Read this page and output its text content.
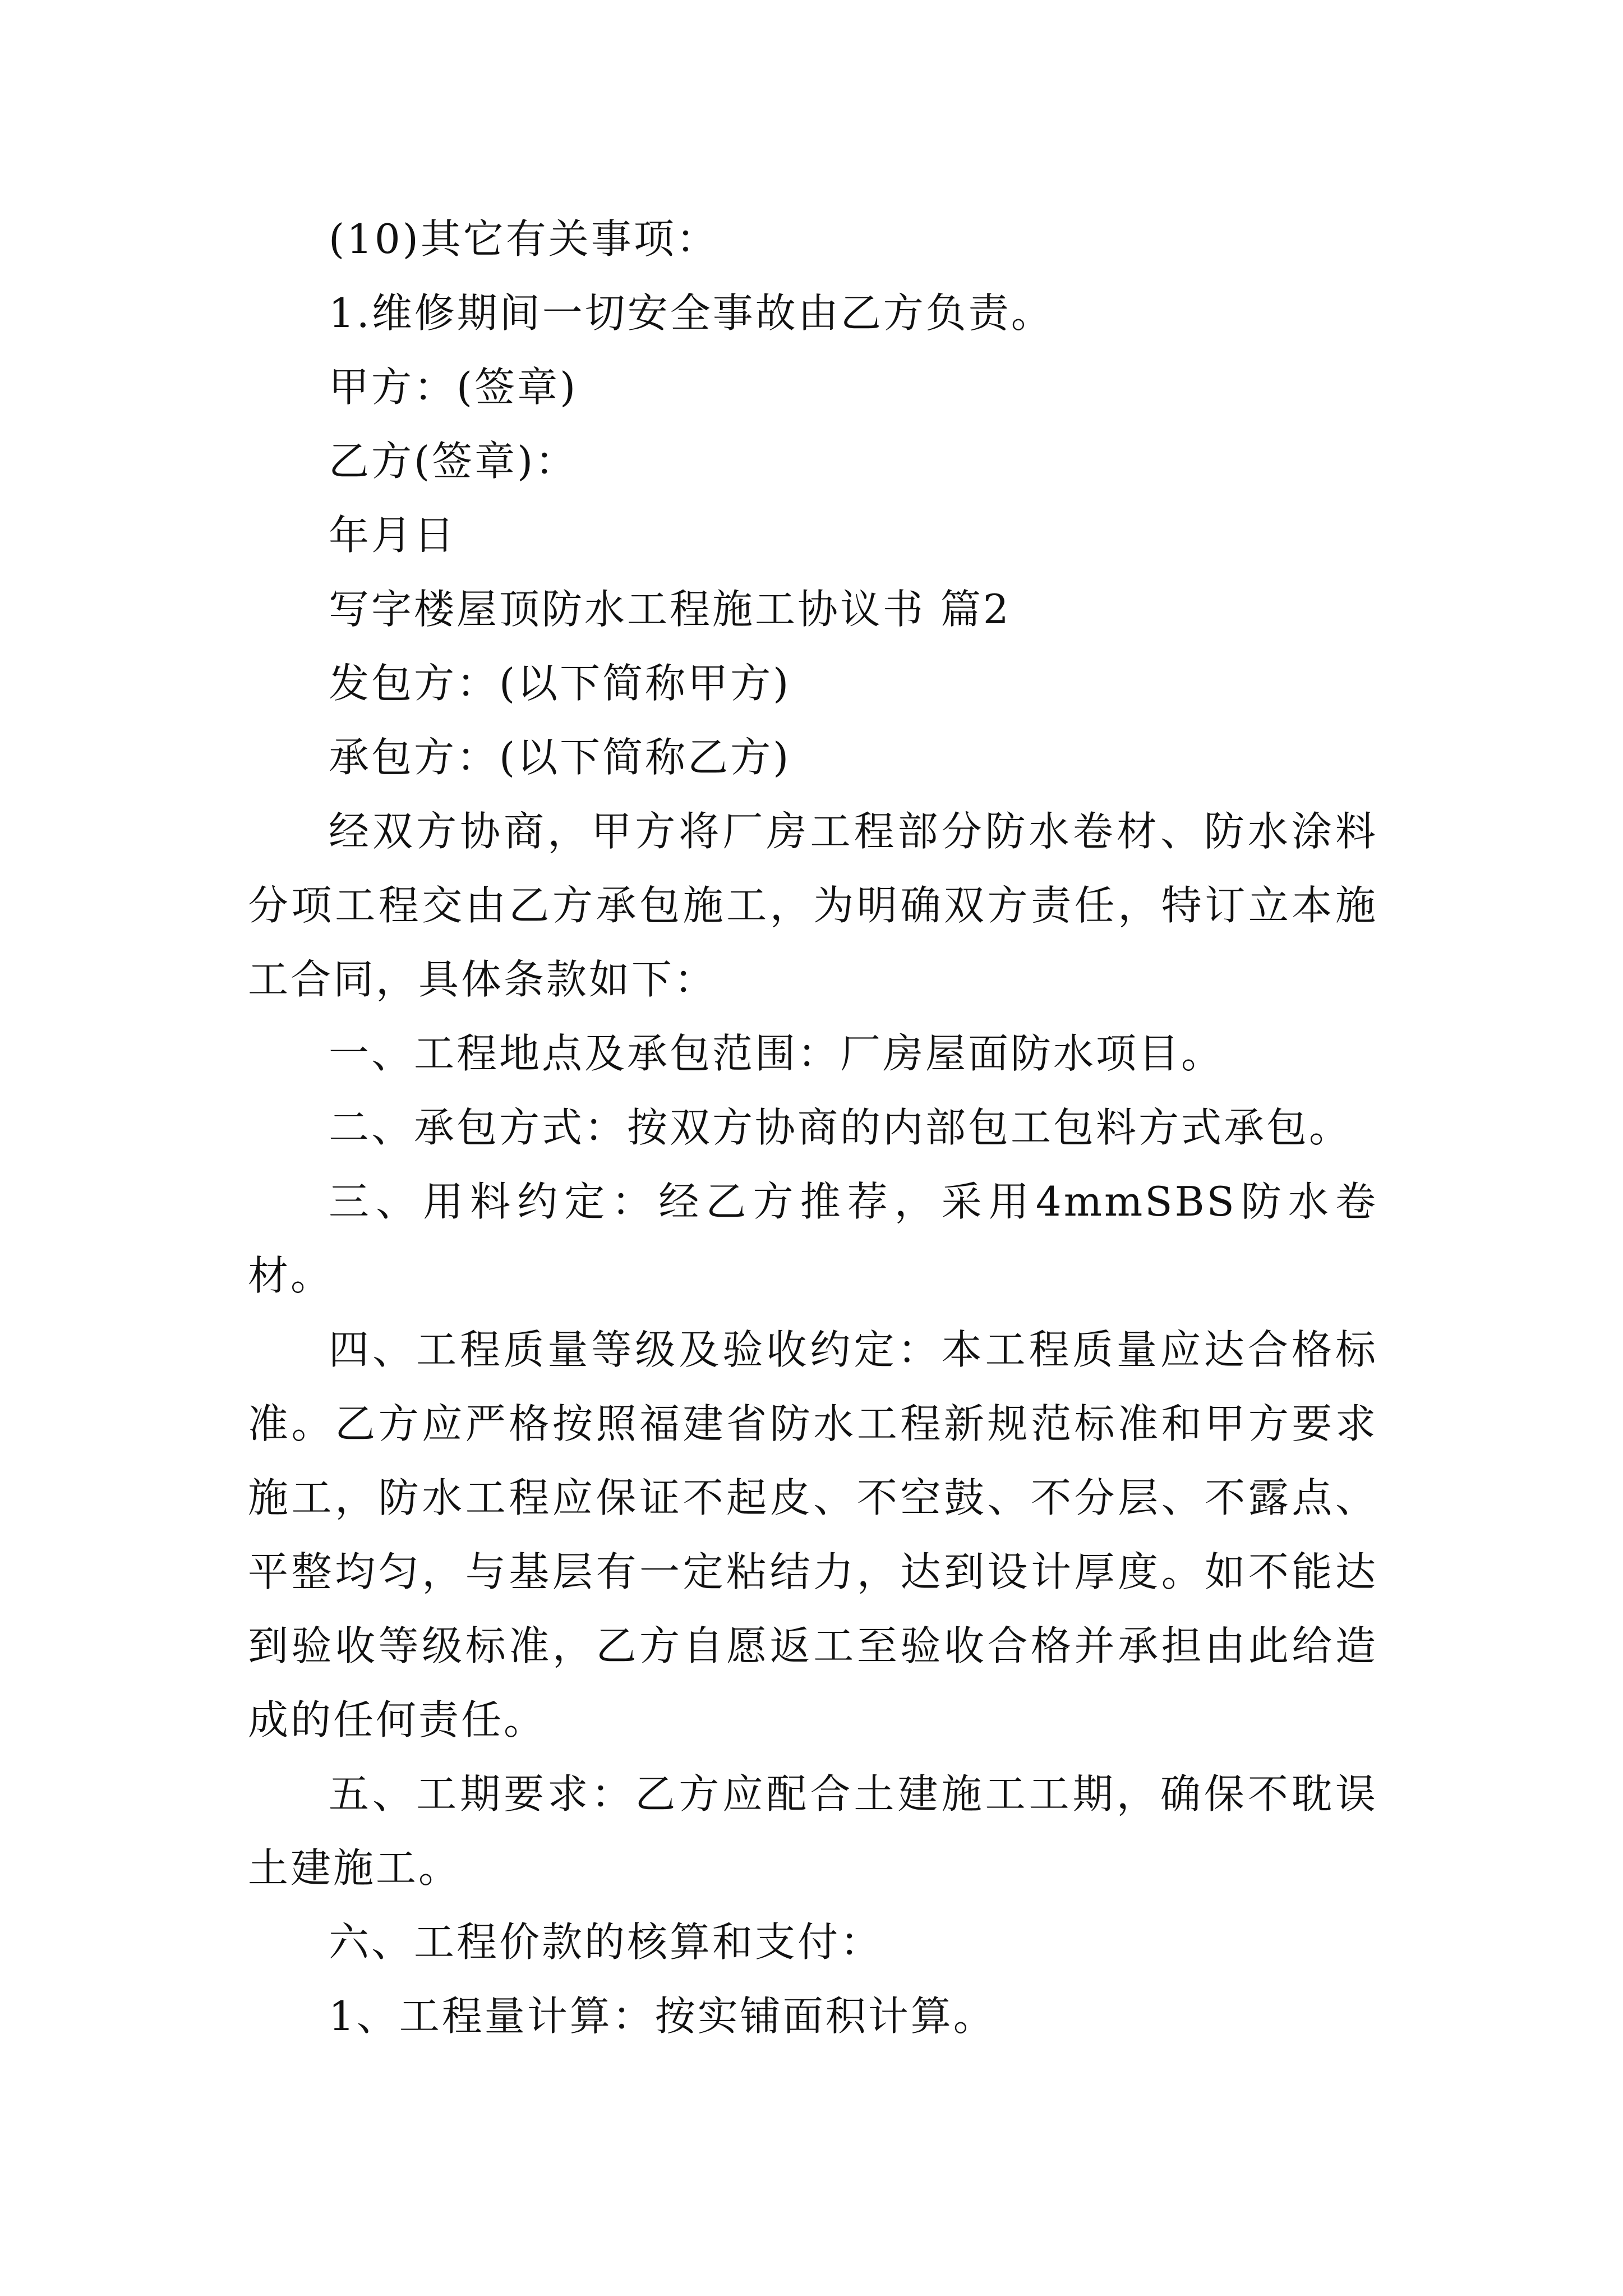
(10)其它有关事项：

1.维修期间一切安全事故由乙方负责。

甲方：(签章)

乙方(签章)：

年月日

写字楼屋顶防水工程施工协议书 篇2

发包方：(以下简称甲方)

承包方：(以下简称乙方)

经双方协商，甲方将厂房工程部分防水卷材、防水涂料分项工程交由乙方承包施工，为明确双方责任，特订立本施工合同，具体条款如下：

一、工程地点及承包范围：厂房屋面防水项目。

二、承包方式：按双方协商的内部包工包料方式承包。

三、用料约定：经乙方推荐，采用4mmSBS防水卷材。

四、工程质量等级及验收约定：本工程质量应达合格标准。乙方应严格按照福建省防水工程新规范标准和甲方要求施工，防水工程应保证不起皮、不空鼓、不分层、不露点、平整均匀，与基层有一定粘结力，达到设计厚度。如不能达到验收等级标准，乙方自愿返工至验收合格并承担由此给造成的任何责任。

五、工期要求：乙方应配合土建施工工期，确保不耽误土建施工。

六、工程价款的核算和支付：

1、工程量计算：按实铺面积计算。
